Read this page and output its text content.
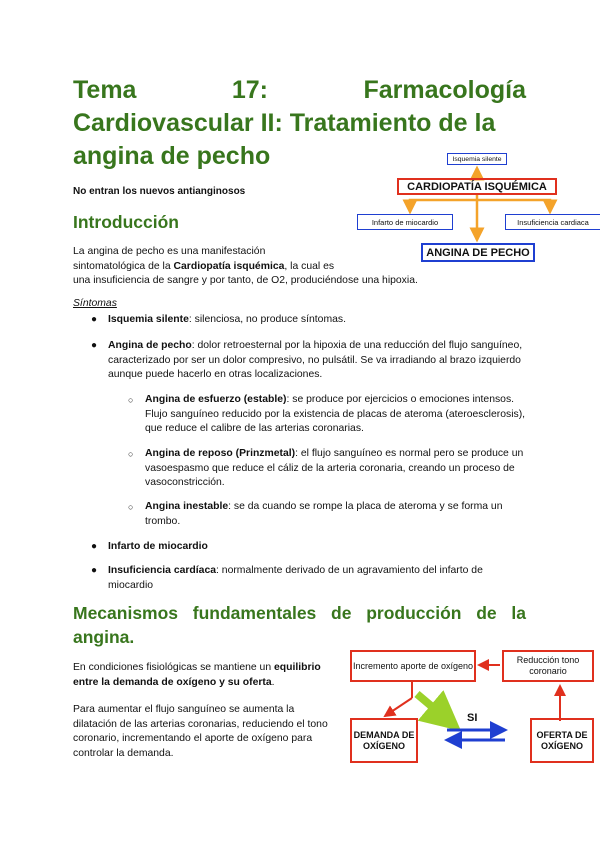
Tema	17:	Farmacología
Cardiovascular II: Tratamiento de la
angina de pecho
No entran los nuevos antianginosos
Isquemia silente
CARDIOPATÍA ISQUÉMICA
Infarto de miocardio	Insuficiencia cardiaca
ANGINA DE PECHO
Introducción
La angina de pecho es una manifestación
sintomatológica de la Cardiopatía isquémica, la cual es
una insuficiencia de sangre y por tanto, de O2, produciéndose una hipoxia.
Síntomas
● Isquemia silente: silenciosa, no produce síntomas.
● Angina de pecho: dolor retroesternal por la hipoxia de una reducción del flujo sanguíneo, caracterizado por ser un dolor compresivo, no pulsátil. Se va irradiando al brazo izquierdo aunque puede hacerlo en otras localizaciones.
○ Angina de esfuerzo (estable): se produce por ejercicios o emociones intensos. Flujo sanguíneo reducido por la existencia de placas de ateroma (ateroesclerosis), que reduce el calibre de las arterias coronarias.
○ Angina de reposo (Prinzmetal): el flujo sanguíneo es normal pero se produce un vasoespasmo que reduce el cáliz de la arteria coronaria, creando un proceso de vasoconstricción.
○ Angina inestable: se da cuando se rompe la placa de ateroma y se forma un trombo.
● Infarto de miocardio
● Insuficiencia cardíaca: normalmente derivado de un agravamiento del infarto de miocardio
Mecanismos fundamentales de producción de la
angina.
En condiciones fisiológicas se mantiene un equilibrio entre la demanda de oxígeno y su oferta.
Para aumentar el flujo sanguíneo se aumenta la dilatación de las arterias coronarias, reduciendo el tono coronario, incrementando el aporte de oxígeno para controlar la demanda.
Incremento aporte de oxígeno
Reducción tono coronario
DEMANDA DE OXÍGENO
OFERTA DE OXÍGENO
SI
